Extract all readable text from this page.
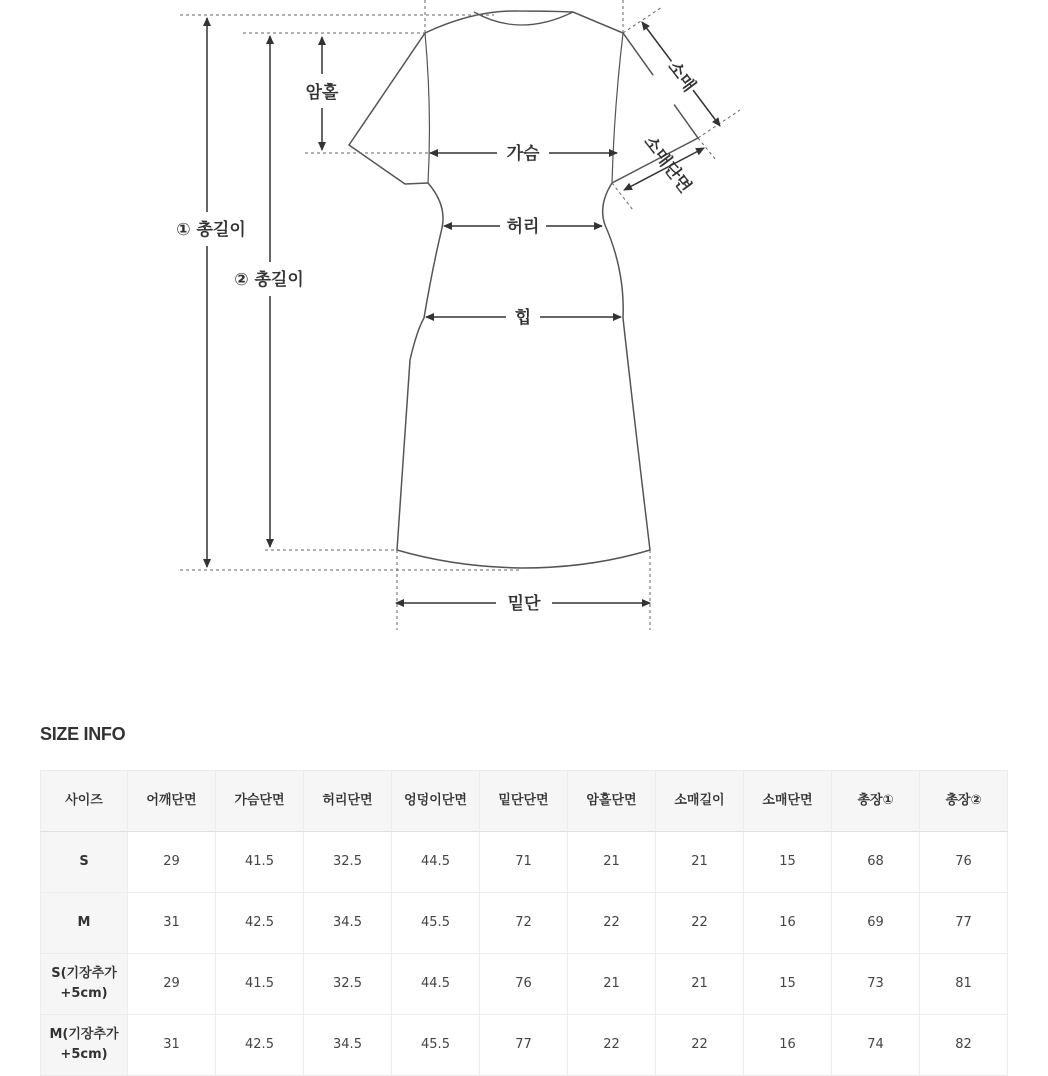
암홀
가슴
허리
힙
밑단
① 총길이
② 총길이
소매
소매단면
SIZE INFO
사이즈	어깨단면	가슴단면	허리단면	엉덩이단면	밑단단면	암홀단면	소매길이	소매단면	총장①	총장②
S	29	41.5	32.5	44.5	71	21	21	15	68	76
M	31	42.5	34.5	45.5	72	22	22	16	69	77
S(기장추가+5cm)	29	41.5	32.5	44.5	76	21	21	15	73	81
M(기장추가+5cm)	31	42.5	34.5	45.5	77	22	22	16	74	82
